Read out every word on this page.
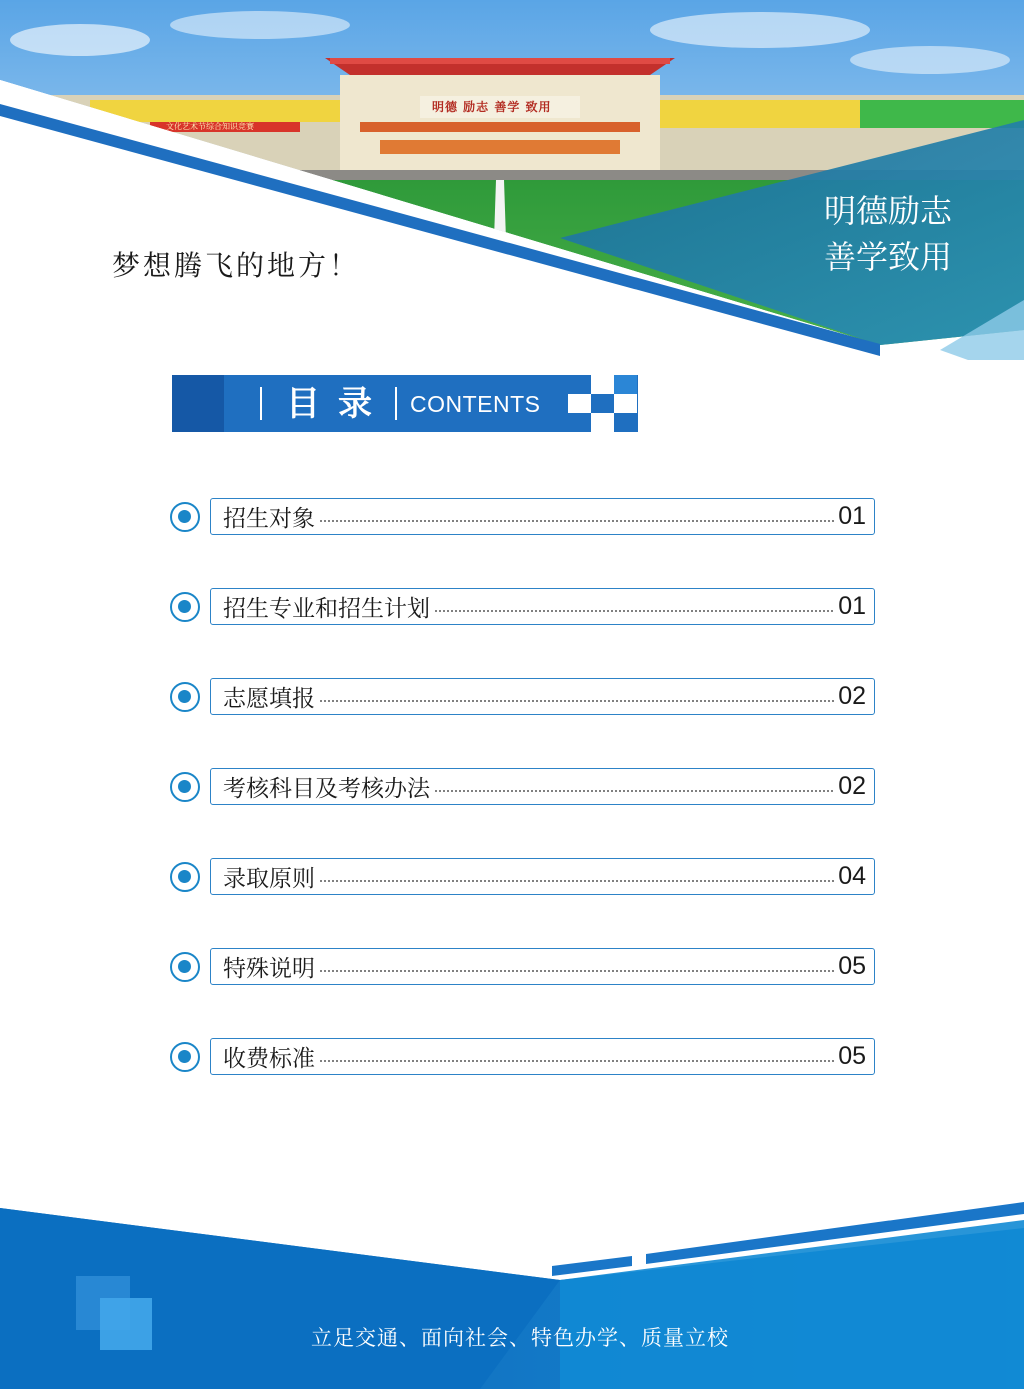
明德 励志 善学 致用
文化艺术节综合知识竞赛
梦想腾飞的地方！
明德励志
善学致用
目录 CONTENTS
招生对象	01
招生专业和招生计划	01
志愿填报	02
考核科目及考核办法	02
录取原则	04
特殊说明	05
收费标准	05
立足交通、面向社会、特色办学、质量立校
